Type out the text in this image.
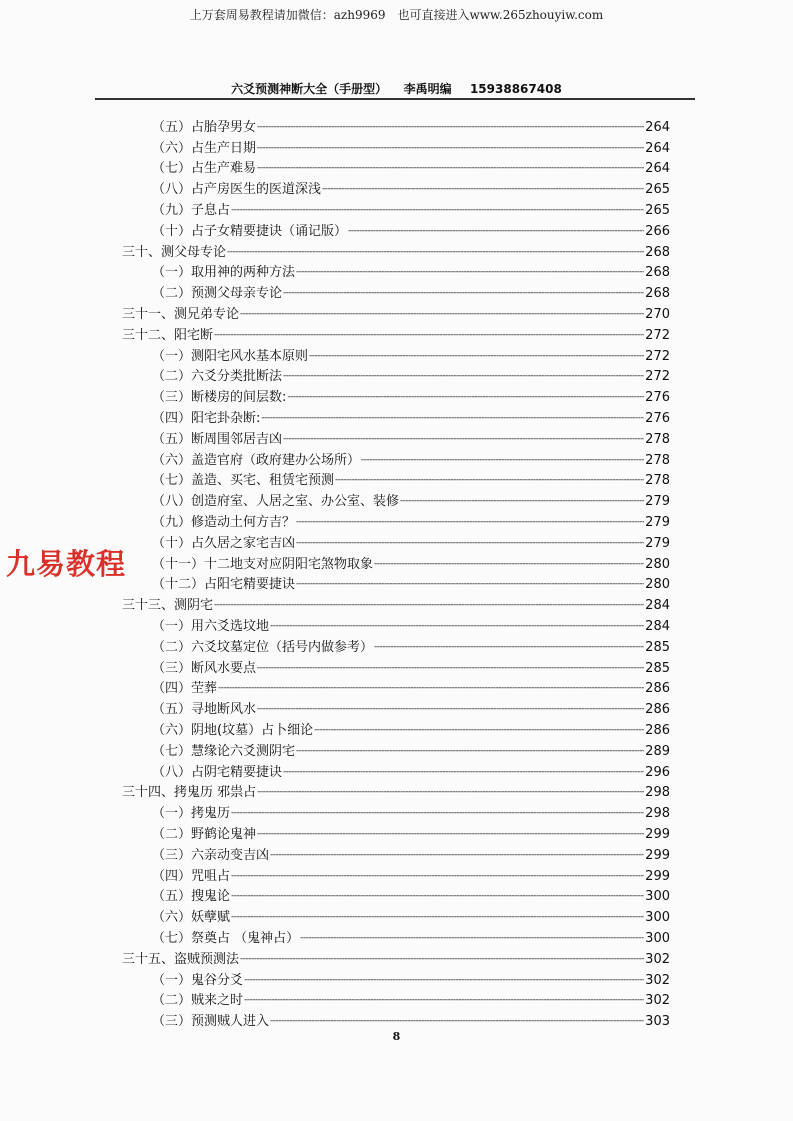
上万套周易教程请加微信：azh9969　也可直接进入www.265zhouyiw.com
六爻预测神断大全（手册型） 李禹明编 15938867408
（五）占胎孕男女 -----	264
（六）占生产日期 -----	264
（七）占生产难易 -----	264
（八）占产房医生的医道深浅 -----	265
（九）子息占 -----	265
（十）占子女精要捷诀（诵记版） -----	266
三十、测父母专论 -----	268
（一）取用神的两种方法 -----	268
（二）预测父母亲专论 -----	268
三十一、测兄弟专论 -----	270
三十二、阳宅断 -----	272
（一）测阳宅风水基本原则 -----	272
（二）六爻分类批断法 -----	272
（三）断楼房的间层数: -----	276
（四）阳宅卦杂断: -----	276
（五）断周围邻居吉凶 -----	278
（六）盖造官府（政府建办公场所） -----	278
（七）盖造、买宅、租赁宅预测 -----	278
（八）创造府室、人居之室、办公室、装修 -----	279
（九）修造动土何方吉？ -----	279
（十）占久居之家宅吉凶 -----	279
（十一）十二地支对应阴阳宅煞物取象 -----	280
（十二）占阳宅精要捷诀 -----	280
三十三、测阴宅 -----	284
（一）用六爻选坟地 -----	284
（二）六爻坟墓定位（括号内做参考） -----	285
（三）断风水要点 -----	285
（四）茔葬 -----	286
（五）寻地断风水 -----	286
（六）阴地(坟墓）占卜细论 -----	286
（七）慧缘论六爻测阴宅 -----	289
（八）占阴宅精要捷诀 -----	296
三十四、拷鬼历 邪祟占 -----	298
（一）拷鬼历 -----	298
（二）野鹤论鬼神 -----	299
（三）六亲动变吉凶 -----	299
（四）咒咀占 -----	299
（五）搜鬼论 -----	300
（六）妖孽赋 -----	300
（七）祭奠占 （鬼神占） -----	300
三十五、盗贼预测法 -----	302
（一）鬼谷分爻 -----	302
（二）贼来之时 -----	302
（三）预测贼人进入 -----	303
九易教程
8
